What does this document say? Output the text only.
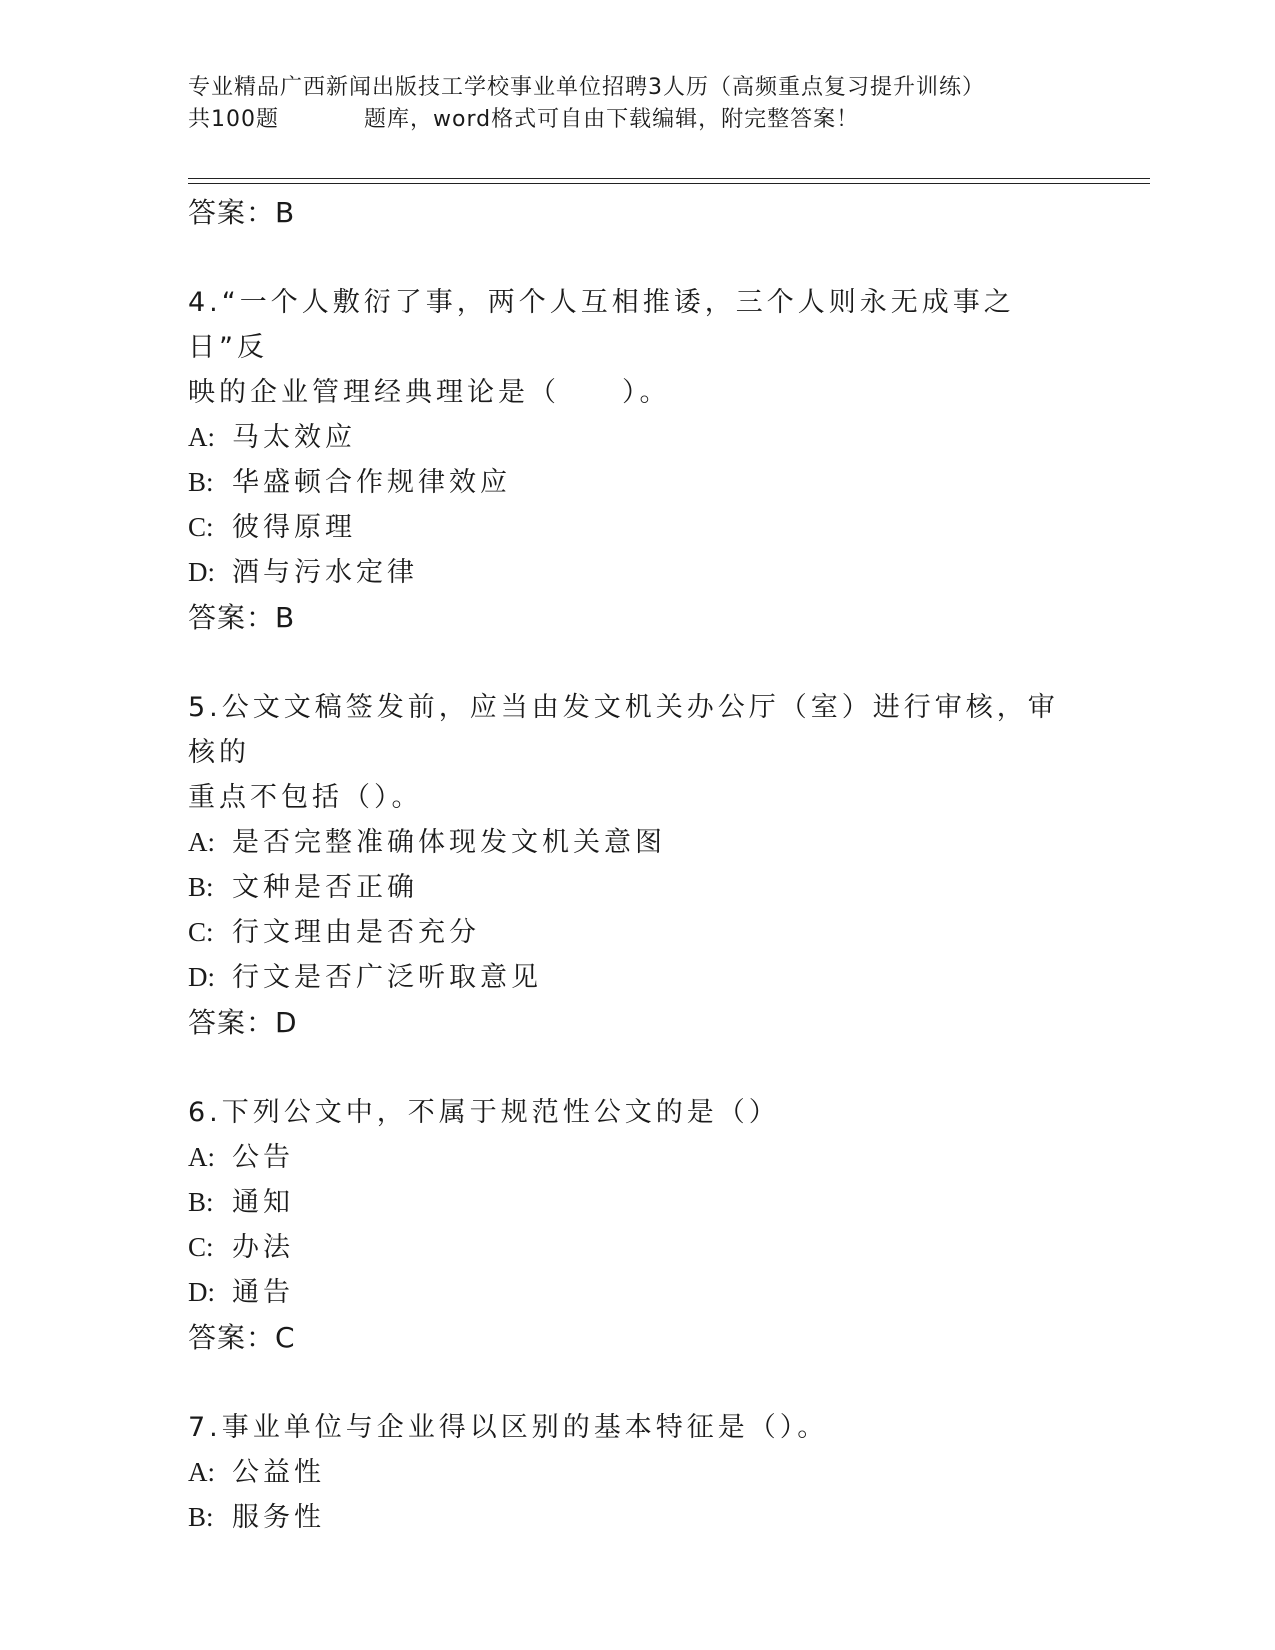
专业精品广西新闻出版技工学校事业单位招聘3人历（高频重点复习提升训练）
共100题	题库，word格式可自由下载编辑，附完整答案！
答案：B
4.“一个人敷衍了事，两个人互相推诿，三个人则永无成事之日”反
映的企业管理经典理论是（　　）。
A: 马太效应
B: 华盛顿合作规律效应
C: 彼得原理
D: 酒与污水定律
答案：B
5.公文文稿签发前，应当由发文机关办公厅（室）进行审核，审核的
重点不包括（）。
A: 是否完整准确体现发文机关意图
B: 文种是否正确
C: 行文理由是否充分
D: 行文是否广泛听取意见
答案：D
6.下列公文中，不属于规范性公文的是（）
A: 公告
B: 通知
C: 办法
D: 通告
答案：C
7.事业单位与企业得以区别的基本特征是（）。
A: 公益性
B: 服务性
